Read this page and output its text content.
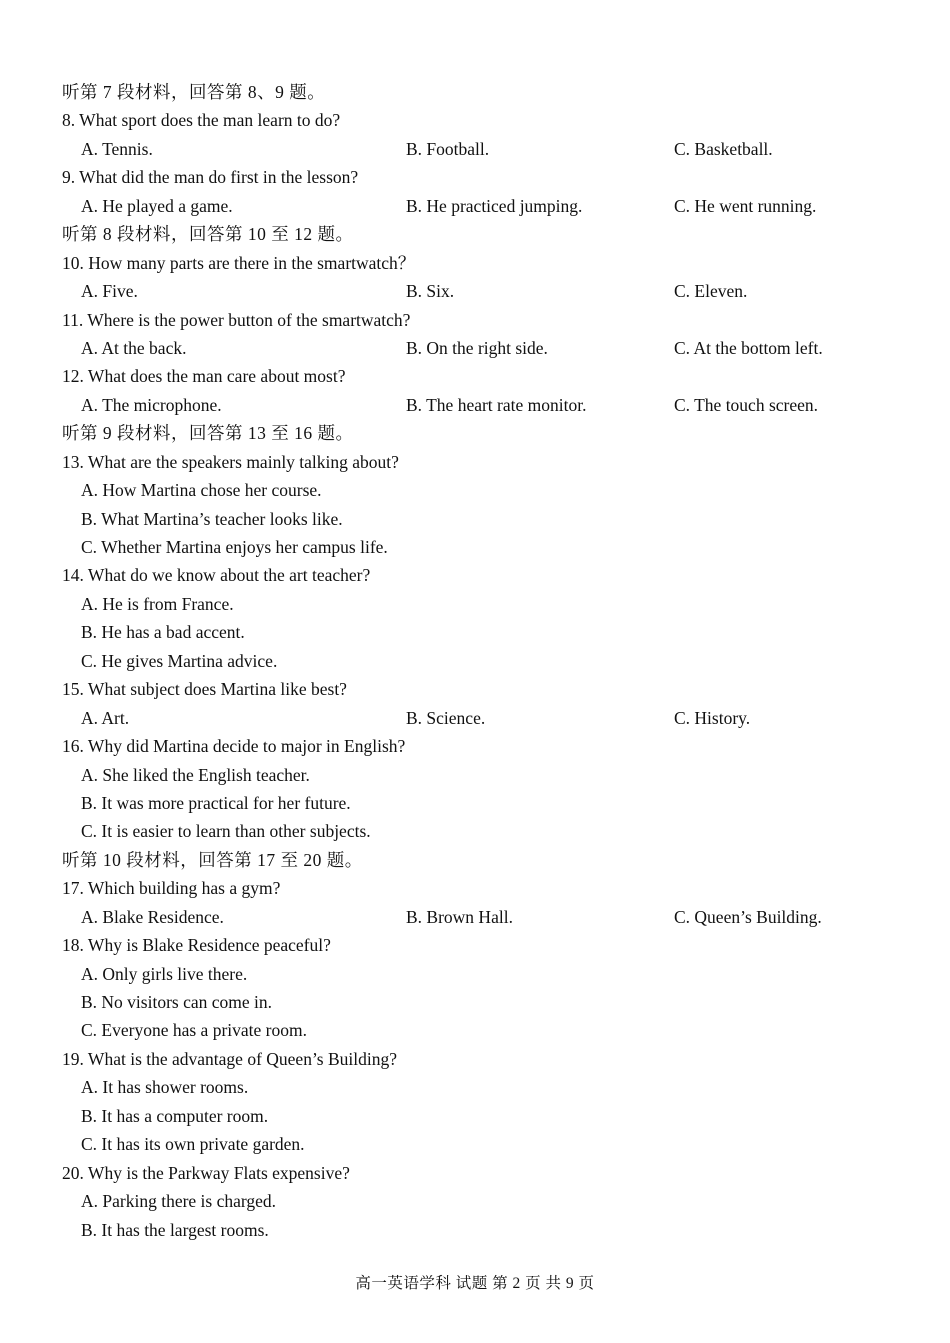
听第 7 段材料，回答第 8、9 题。
8. What sport does the man learn to do?
A. Tennis.	B. Football.	C. Basketball.
9. What did the man do first in the lesson?
A. He played a game.	B. He practiced jumping.	C. He went running.
听第 8 段材料，回答第 10 至 12 题。
10. How many parts are there in the smartwatch？
A. Five.	B. Six.	C. Eleven.
11. Where is the power button of the smartwatch?
A. At the back.	B. On the right side.	C. At the bottom left.
12. What does the man care about most?
A. The microphone.	B. The heart rate monitor.	C. The touch screen.
听第 9 段材料，回答第 13 至 16 题。
13. What are the speakers mainly talking about?
A. How Martina chose her course.
B. What Martina’s teacher looks like.
C. Whether Martina enjoys her campus life.
14. What do we know about the art teacher?
A. He is from France.
B. He has a bad accent.
C. He gives Martina advice.
15. What subject does Martina like best?
A. Art.	B. Science.	C. History.
16. Why did Martina decide to major in English?
A. She liked the English teacher.
B. It was more practical for her future.
C. It is easier to learn than other subjects.
听第 10 段材料，回答第 17 至 20 题。
17. Which building has a gym?
A. Blake Residence.	B. Brown Hall.	C. Queen’s Building.
18. Why is Blake Residence peaceful?
A. Only girls live there.
B. No visitors can come in.
C. Everyone has a private room.
19. What is the advantage of Queen’s Building?
A. It has shower rooms.
B. It has a computer room.
C. It has its own private garden.
20. Why is the Parkway Flats expensive?
A. Parking there is charged.
B. It has the largest rooms.
高一英语学科 试题 第 2 页 共 9 页
